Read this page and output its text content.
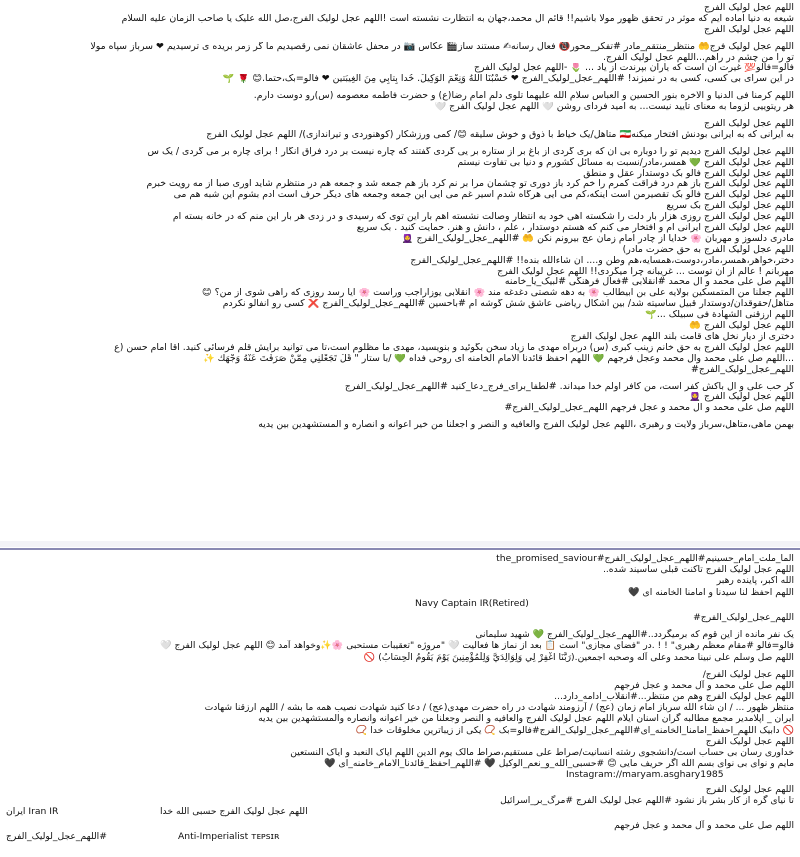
اللهم عجل لولیک الفرج
شیعه به دنیا آماده ایم که موثر در تحقق ظهور مولا باشیم!! قائم آل محمد،جهان به انتظارت نشسته است !اللهم عجل لولیک الفرج،صل الله علیک یا صاحب الزمان علیه السلام
اللهم عجل لولیک الفرج
اللهم عجل لولیک فرج🤲 منتظر_منتقم_مادر #تفکر_محور📵 فعال رسانه✍ مستند ساز🎬 عکاس 📷 در محفل عاشقان نمی رقصیدیم ما گر زمر بریده ی ترسیدیم ❤ سرباز سپاه مولا
تو را من چشم در راهم...اللهم عجل لولیک الفرج.
فالو=فالو💯 غیرت آن است که یاران بپرندت از یاد ... 🌷 -اللهم عجل لولیک الفرج
در این سرای بی کسی، کسی به در نمیزند! #اللهم_عجل_لولیک_الفرج ❤ حَسْبُنَا اللهُ وَنِعْمَ الْوَكِيلُ. خُدا بِتابِي مِنَ الْغِيبَتين ❤ فالو=بک،حتما.😊 🌹 🌱
اللهم کرمنا فی الدنیا و الآخره بنور الحسین و العباس سلام الله علیهما تلوی دلم امام رضا(ع) و حضرت فاطمه معصومه (س)رو دوست دارم.
هر ریتوییی لزوما به معنای تایید نیست... به امید فردای روشن 🤍 اللهم عجل لولیک الفرج 🤍
اللهم عجل لولیک الفرج
به ایرانی که به ایرانی بودنش افتخار میکنه🇮🇷 متاهل/یک خیاط با ذوق و خوش سلیقه 😊/ کمی ورزشکار (کوهنوردی و تیراندازی)/ اللهم عجل لولیک الفرج
اللهم عجل لولیک الفرج دیدیم تو را دوباره بی آن که بری گردی از باغ بر از ستاره بر یی گردی گفتند که چاره نیست بر درد فراق انگار ! برای چاره بر می گردی / یک س
اللهم عجل لولیک الفرج 💚 همسر،مادر/نسبت به مسائل کشورم و دنیا بی تفاوت نیستم
اللهم عجل لولیک الفرج فالو بک دوستدار عقل و منطق
اللهم عجل لولیک الفرج باز هم درد فراقت کمرم را خم کرد باز دوری تو چشمان مرا بر نم کرد باز هم جمعه شد و جمعه هم در منتظرم شاید آوری صبا از مه رویت خبرم
اللهم عجل لولیک الفرج فالو بک تقصیرمن است اینکه،کم می آیی هرگاه شدم اسیر غم می آیی این جمعه وجمعه های دیگر حرف است آدم بشوم این شبه هم می
اللهم عجل لولیک الفرج بک سریع
اللهم عجل لولیک الفرج روزی هزار بار دلت را شکسته اهی خود به انتظار وصالت نشسته اهم بار این توی که رسیدی و در زدی هر بار این منم که در خانه بسته ام
اللهم عجل لولیک الفرج ایرانی ام و افتخار می کنم که هستم دوستدار ، علم ، دانش و هنر. حمایت کنید . بک سریع
مادری دلسوز و مهربان 🌸 خدایا از چادر امام زمان عج بیرونم نکن 🤲 #اللهم_عجل_لولیک_الفرج 🧕
اللهم عجل لولیک الفرج به حق حضرت مادر)
دختر،خواهر،همسر،مادر،دوست،همسایه،هم وطن و.... ان شاءالله بنده!! #اللهم_عجل_لولیک_الفرج
مهربانم ! عالم از آن توست ... غریبانه چرا میگردی!! اللهم عجل لولیک الفرج
اللهم صل علی محمد و آل محمد #انقلابی #فعال فرهنگی #لبیک_یا_خامنه
اللهم جعلنا من المتمسکین بولایه علی بن ابیطالب 🌸 به دهه شصتی دغدغه مند 🌸 انقلابی یوزاراجب وراست 🌸 آیا رسد روزی که راهی شوی از من؟ 😊
متاهل/حقوقدان/دوستدار قبیل ساسیته شد/ بین آشکال ریاضی عاشق شش گوشه ام #باحسین #اللهم_عجل_لولیک_الفرج ❌ کسی رو آنفالو نکردم
اللهم ارزقنی الشهادة فی سبیلک ...🌱
اللهم عجل لولیک الفرج 🤲
دختری از دیار نخل های قامت بلند اللهم عجل لولیک الفرج
اللهم عجل لولیک الفرج به حق خانم زینب کبری (س) دربراه مهدی ما زیاد سخن بگوئید و بنویسید، مهدی ما مظلوم است،تا می توانید برایش قلم فرسائی کنید. آقا امام حسن (ع
...اللهم صل علی محمد وآل محمد وعجل فرجهم 💚 اللهم احفظ قائدنا الامام الخامنه ای روحی فداه 💚 /با ستار " قُلْ تَجَعْلَنِي مِمَّنْ صَرَفْتَ عَنْهُ وَجْهَكَ ✨
اللهم_عجل_لولیک_الفرج#
گر حب علی و آل باکش کفر است، من کافر اولم خدا میداند. #لطفا_برای_فرج_دعا_کنید #اللهم_عجل_لولیک_الفرج
اللهم عجل لولیک الفرج 🧕
اللهم صل علی محمد و آل محمد و عجل فرجهم اللهم_عجل_لولیک_الفرج#
بهمن ماهی،متاهل،سرباز ولایت و رهبری ،اللهم عجل لولیک الفرج والعافیه و النصر و اجعلنا من خیر اعوانه و انصاره و المستشهدین بین یدیه
الما_ملت_امام_حسینیم#اللهم_عجل_لولیک_الفرج#the_promised_saviour
اللهم عجل لولیک الفرج تاکنت قبلی ساسیند شده..
الله اکبر، پاینده رهبر
اللهم احفظ لنا سیدنا و امامنا الخامنه ای 🖤
Navy Captain IR(Retired)
اللهم_عجل_لولیک_الفرج#
یک نفر مانده از این قوم که برمیگردد..#اللهم_عجل_لولیک_الفرج 💚 شهید سلیمانی
فالو=فالو #مقام معظم رهبری" ! ! .در "فضای مجازی" است 📋 بعد از نماز ها فعالیت 🤍 "مروژه "تعقیبات مستحبی 🌸✨وخواهد آمد 😊 اللهم عجل لولیک الفرج 🤍
اللهم صل وسلم علی نبینا محمد وعلی آله وصحبه اجمعین.(رَبَّنَا اغْفِرْ لِي وَلِوَالِدَيَّ وَلِلْمُؤْمِنِينَ يَوْمَ يَقُومُ الْحِسَابُ) 🚫
اللهم عجل لولیک الفرج/
اللهم صل علی محمد و آل محمد و عجل فرجهم
اللهم عجل لولیک الفرج وهم من منتظر...#انقلاب_ادامه_دارد...
منتظر ظهور ... / ان شاء الله سرباز امام زمان (عج) / آرزومند شهادت در راه حضرت مهدی(عج) / دعا کنید شهادت نصیب همه ما بشه / اللهم ارزقنا شهادت
ایران _ اپلامدیر مجمع مطالبه گران اسنان ایلام اللهم عجل لولیک الفرج والعافیه و النصر وجعلنا من خیر اعوانه وانصاره والمستشهدین بین یدیه
🚫 دابیک اللهم_احفظ_امامنا_الخامنه_ای#اللهم_عجل_لولیک_الفرج#فالو=بک 📿 یکی از زیباترین مخلوقات خدا 📿
اللهم عجل لولیک الفرج
خداوری رسان بی حساب است/دانشجوی رشته انسانیت/صراط علی مستقیم،صراط مالک یوم الدین اللهم ایاک النعبد و ایاک النستعین
مایم و نوای بی نوای بسم الله اگر حریف مایی 😊 #حسبی_الله_و_نعم_الوکیل 🖤 #اللهم_احفظ_قائدنا_الامام_خامنه_ای 🖤
Instagram://maryam.asghary1985
اللهم عجل لولیک الفرج
تا نیای گره از کار بشر باز نشود #اللهم عجل لولیک الفرج #مرگ_بر_اسرائیل
اللهم عجل لولیک الفرج حسبی الله خدا
ایران Iran IR
اللهم صل علی محمد و آل محمد و عجل فرجهم
اللهم_عجل_لولیک_الفرج#	Anti-Imperialist ᴛᴇᴘsɪʀ
